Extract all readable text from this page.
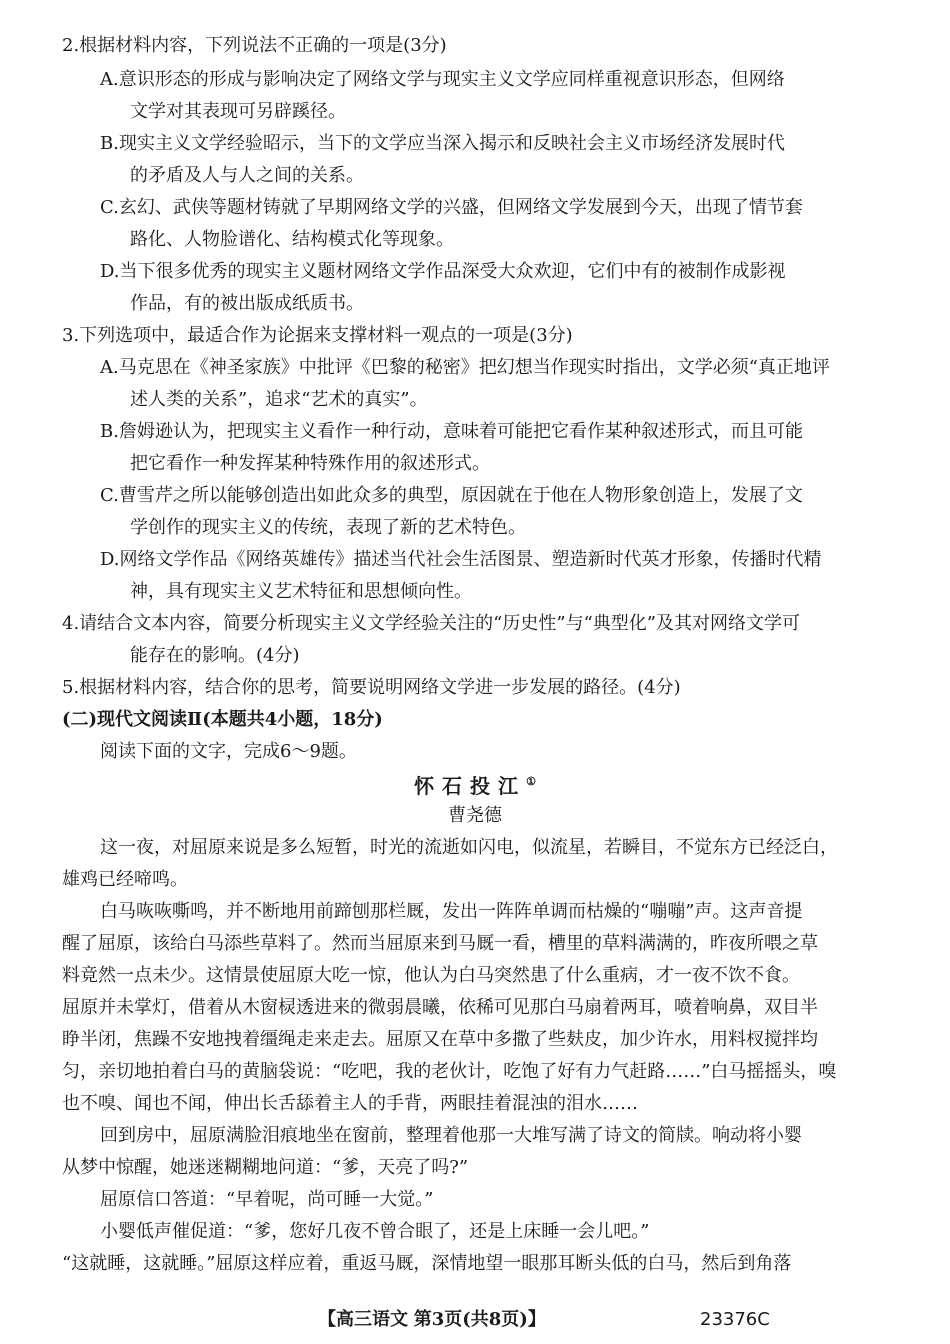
2.根据材料内容，下列说法不正确的一项是(3分)
A.意识形态的形成与影响决定了网络文学与现实主义文学应同样重视意识形态，但网络
文学对其表现可另辟蹊径。
B.现实主义文学经验昭示，当下的文学应当深入揭示和反映社会主义市场经济发展时代
的矛盾及人与人之间的关系。
C.玄幻、武侠等题材铸就了早期网络文学的兴盛，但网络文学发展到今天，出现了情节套
路化、人物脸谱化、结构模式化等现象。
D.当下很多优秀的现实主义题材网络文学作品深受大众欢迎，它们中有的被制作成影视
作品，有的被出版成纸质书。
3.下列选项中，最适合作为论据来支撑材料一观点的一项是(3分)
A.马克思在《神圣家族》中批评《巴黎的秘密》把幻想当作现实时指出，文学必须“真正地评
述人类的关系”，追求“艺术的真实”。
B.詹姆逊认为，把现实主义看作一种行动，意味着可能把它看作某种叙述形式，而且可能
把它看作一种发挥某种特殊作用的叙述形式。
C.曹雪芹之所以能够创造出如此众多的典型，原因就在于他在人物形象创造上，发展了文
学创作的现实主义的传统，表现了新的艺术特色。
D.网络文学作品《网络英雄传》描述当代社会生活图景、塑造新时代英才形象，传播时代精
神，具有现实主义艺术特征和思想倾向性。
4.请结合文本内容，简要分析现实主义文学经验关注的“历史性”与“典型化”及其对网络文学可
能存在的影响。(4分)
5.根据材料内容，结合你的思考，简要说明网络文学进一步发展的路径。(4分)
(二)现代文阅读Ⅱ(本题共4小题，18分)
阅读下面的文字，完成6～9题。
怀石投江①
曹尧德
这一夜，对屈原来说是多么短暂，时光的流逝如闪电，似流星，若瞬目，不觉东方已经泛白，
雄鸡已经啼鸣。
白马咴咴嘶鸣，并不断地用前蹄刨那栏厩，发出一阵阵单调而枯燥的“嘣嘣”声。这声音提
醒了屈原，该给白马添些草料了。然而当屈原来到马厩一看，槽里的草料满满的，昨夜所喂之草
料竟然一点未少。这情景使屈原大吃一惊，他认为白马突然患了什么重病，才一夜不饮不食。
屈原并未掌灯，借着从木窗棂透进来的微弱晨曦，依稀可见那白马扇着两耳，喷着响鼻，双目半
睁半闭，焦躁不安地拽着缰绳走来走去。屈原又在草中多撒了些麸皮，加少许水，用料杈搅拌均
匀，亲切地拍着白马的黄脑袋说：“吃吧，我的老伙计，吃饱了好有力气赶路……”白马摇摇头，嗅
也不嗅、闻也不闻，伸出长舌舔着主人的手背，两眼挂着混浊的泪水……
回到房中，屈原满脸泪痕地坐在窗前，整理着他那一大堆写满了诗文的简牍。响动将小婴
从梦中惊醒，她迷迷糊糊地问道：“爹，天亮了吗?”
屈原信口答道：“早着呢，尚可睡一大觉。”
小婴低声催促道：“爹，您好几夜不曾合眼了，还是上床睡一会儿吧。”
“这就睡，这就睡。”屈原这样应着，重返马厩，深情地望一眼那耳断头低的白马，然后到角落
【高三语文 第3页(共8页)】	23376C
